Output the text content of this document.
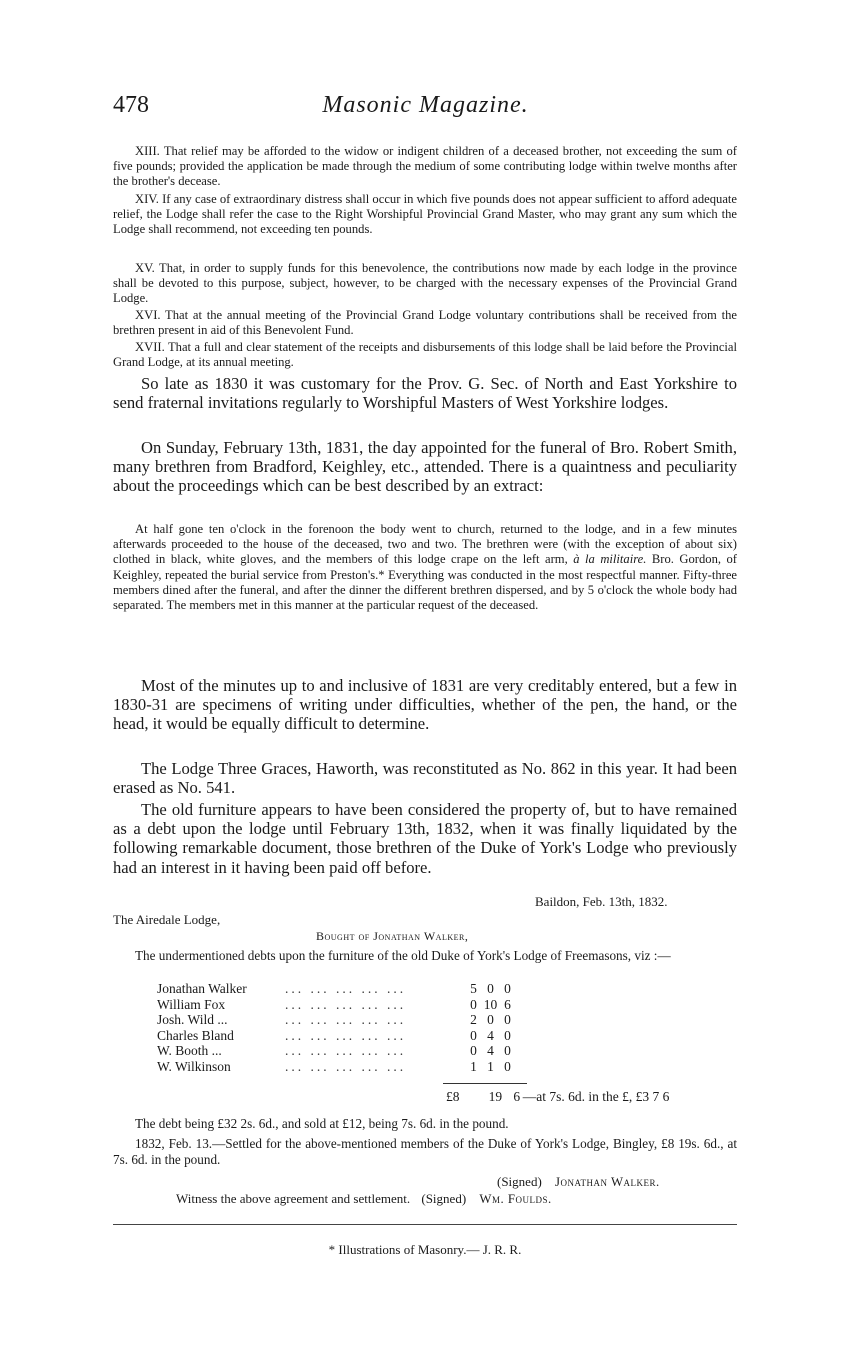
478	Masonic Magazine.

XIII. That relief may be afforded to the widow or indigent children of a deceased brother, not exceeding the sum of five pounds; provided the application be made through the medium of some contributing lodge within twelve months after the brother's decease.

XIV. If any case of extraordinary distress shall occur in which five pounds does not appear sufficient to afford adequate relief, the Lodge shall refer the case to the Right Worshipful Provincial Grand Master, who may grant any sum which the Lodge shall recommend, not exceeding ten pounds.

XV. That, in order to supply funds for this benevolence, the contributions now made by each lodge in the province shall be devoted to this purpose, subject, however, to be charged with the necessary expenses of the Provincial Grand Lodge.

XVI. That at the annual meeting of the Provincial Grand Lodge voluntary contributions shall be received from the brethren present in aid of this Benevolent Fund.

XVII. That a full and clear statement of the receipts and disbursements of this lodge shall be laid before the Provincial Grand Lodge, at its annual meeting.

So late as 1830 it was customary for the Prov. G. Sec. of North and East Yorkshire to send fraternal invitations regularly to Worshipful Masters of West Yorkshire lodges.

On Sunday, February 13th, 1831, the day appointed for the funeral of Bro. Robert Smith, many brethren from Bradford, Keighley, etc., attended. There is a quaintness and peculiarity about the proceedings which can be best described by an extract:

At half gone ten o'clock in the forenoon the body went to church, returned to the lodge, and in a few minutes afterwards proceeded to the house of the deceased, two and two. The brethren were (with the exception of about six) clothed in black, white gloves, and the members of this lodge crape on the left arm, à la militaire. Bro. Gordon, of Keighley, repeated the burial service from Preston's.* Everything was conducted in the most respectful manner. Fifty-three members dined after the funeral, and after the dinner the different brethren dispersed, and by 5 o'clock the whole body had separated. The members met in this manner at the particular request of the deceased.

Most of the minutes up to and inclusive of 1831 are very creditably entered, but a few in 1830-31 are specimens of writing under difficulties, whether of the pen, the hand, or the head, it would be equally difficult to determine.

The Lodge Three Graces, Haworth, was reconstituted as No. 862 in this year. It had been erased as No. 541.

The old furniture appears to have been considered the property of, but to have remained as a debt upon the lodge until February 13th, 1832, when it was finally liquidated by the following remarkable document, those brethren of the Duke of York's Lodge who previously had an interest in it having been paid off before.

Baildon, Feb. 13th, 1832.
The Airedale Lodge,
Bought of Jonathan Walker,

The undermentioned debts upon the furniture of the old Duke of York's Lodge of Freemasons, viz :—

Jonathan Walker	... ... ... ... ...	5	0	0
William Fox	... ... ... ... ...	0	10	6
Josh. Wild ...	... ... ... ... ...	2	0	0
Charles Bland	... ... ... ... ...	0	4	0
W. Booth ...	... ... ... ... ...	0	4	0
W. Wilkinson	... ... ... ... ...	1	1	0
£8 19 6 —at 7s. 6d. in the £, £3 7 6

The debt being £32 2s. 6d., and sold at £12, being 7s. 6d. in the pound.

1832, Feb. 13.—Settled for the above-mentioned members of the Duke of York's Lodge, Bingley, £8 19s. 6d., at 7s. 6d. in the pound.

(Signed) Jonathan Walker.
Witness the above agreement and settlement. (Signed) Wm. Foulds.
* Illustrations of Masonry.— J. R. R.
